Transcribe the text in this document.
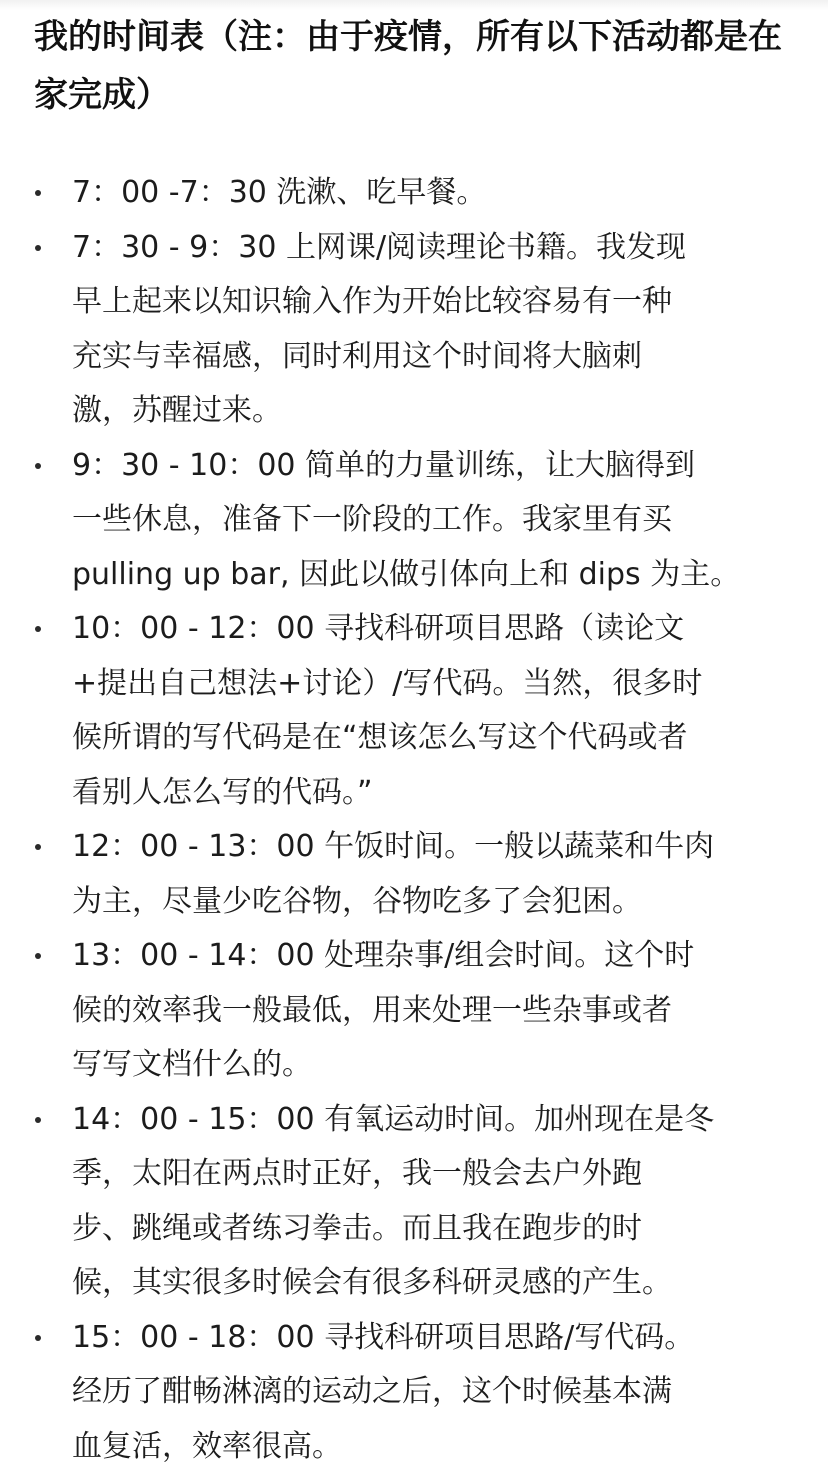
我的时间表（注：由于疫情，所有以下活动都是在家完成）
7：00 -7：30 洗漱、吃早餐。
7：30 - 9：30 上网课/阅读理论书籍。我发现
早上起来以知识输入作为开始比较容易有一种
充实与幸福感，同时利用这个时间将大脑刺
激，苏醒过来。
9：30 - 10：00 简单的力量训练，让大脑得到
一些休息，准备下一阶段的工作。我家里有买
pulling up bar, 因此以做引体向上和 dips 为主。
10：00 - 12：00 寻找科研项目思路（读论文
+提出自己想法+讨论）/写代码。当然，很多时
候所谓的写代码是在“想该怎么写这个代码或者
看别人怎么写的代码。”
12：00 - 13：00 午饭时间。一般以蔬菜和牛肉
为主，尽量少吃谷物，谷物吃多了会犯困。
13：00 - 14：00 处理杂事/组会时间。这个时
候的效率我一般最低，用来处理一些杂事或者
写写文档什么的。
14：00 - 15：00 有氧运动时间。加州现在是冬
季，太阳在两点时正好，我一般会去户外跑
步、跳绳或者练习拳击。而且我在跑步的时
候，其实很多时候会有很多科研灵感的产生。
15：00 - 18：00 寻找科研项目思路/写代码。
经历了酣畅淋漓的运动之后，这个时候基本满
血复活，效率很高。
